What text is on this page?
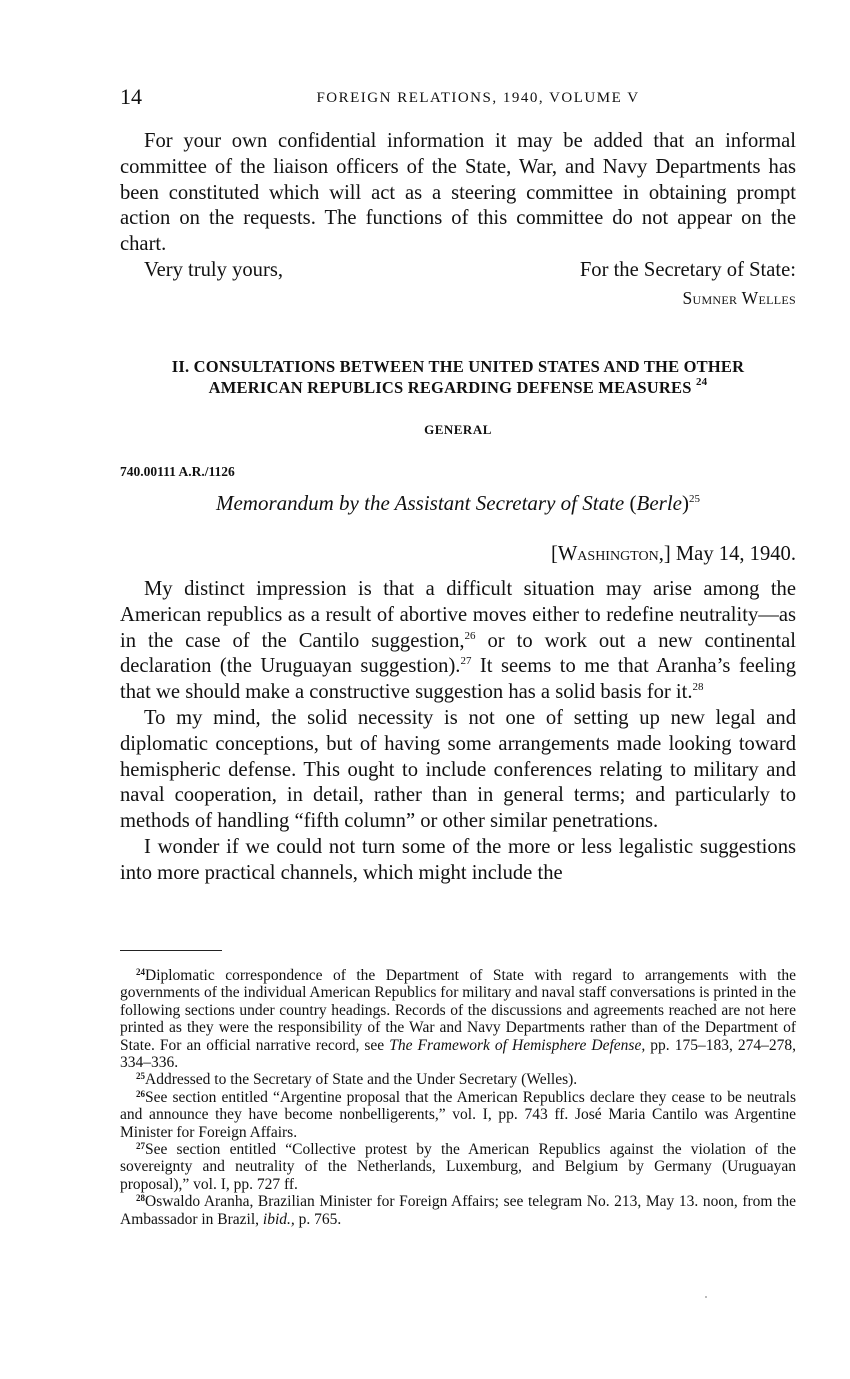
14	FOREIGN RELATIONS, 1940, VOLUME V

For your own confidential information it may be added that an informal committee of the liaison officers of the State, War, and Navy Departments has been constituted which will act as a steering committee in obtaining prompt action on the requests. The functions of this committee do not appear on the chart.

Very truly yours,	For the Secretary of State:
Sumner Welles
II. CONSULTATIONS BETWEEN THE UNITED STATES AND THE OTHER
AMERICAN REPUBLICS REGARDING DEFENSE MEASURES $^{24}$
GENERAL
740.00111 A.R./1126
Memorandum by the Assistant Secretary of State (Berle)$^{25}$
[Washington,] May 14, 1940.

My distinct impression is that a difficult situation may arise among the American republics as a result of abortive moves either to redefine neutrality—as in the case of the Cantilo suggestion,$^{26}$ or to work out a new continental declaration (the Uruguayan suggestion).$^{27}$ It seems to me that Aranha’s feeling that we should make a constructive suggestion has a solid basis for it.$^{28}$

To my mind, the solid necessity is not one of setting up new legal and diplomatic conceptions, but of having some arrangements made looking toward hemispheric defense. This ought to include conferences relating to military and naval cooperation, in detail, rather than in general terms; and particularly to methods of handling “fifth column” or other similar penetrations.

I wonder if we could not turn some of the more or less legalistic suggestions into more practical channels, which might include the

$^{24}$Diplomatic correspondence of the Department of State with regard to arrangements with the governments of the individual American Republics for military and naval staff conversations is printed in the following sections under country headings. Records of the discussions and agreements reached are not here printed as they were the responsibility of the War and Navy Departments rather than of the Department of State. For an official narrative record, see The Framework of Hemisphere Defense, pp. 175–183, 274–278, 334–336.

$^{25}$Addressed to the Secretary of State and the Under Secretary (Welles).

$^{26}$See section entitled “Argentine proposal that the American Republics declare they cease to be neutrals and announce they have become nonbelligerents,” vol. I, pp. 743 ff. José Maria Cantilo was Argentine Minister for Foreign Affairs.

$^{27}$See section entitled “Collective protest by the American Republics against the violation of the sovereignty and neutrality of the Netherlands, Luxemburg, and Belgium by Germany (Uruguayan proposal),” vol. I, pp. 727 ff.

$^{28}$Oswaldo Aranha, Brazilian Minister for Foreign Affairs; see telegram No. 213, May 13. noon, from the Ambassador in Brazil, ibid., p. 765.
